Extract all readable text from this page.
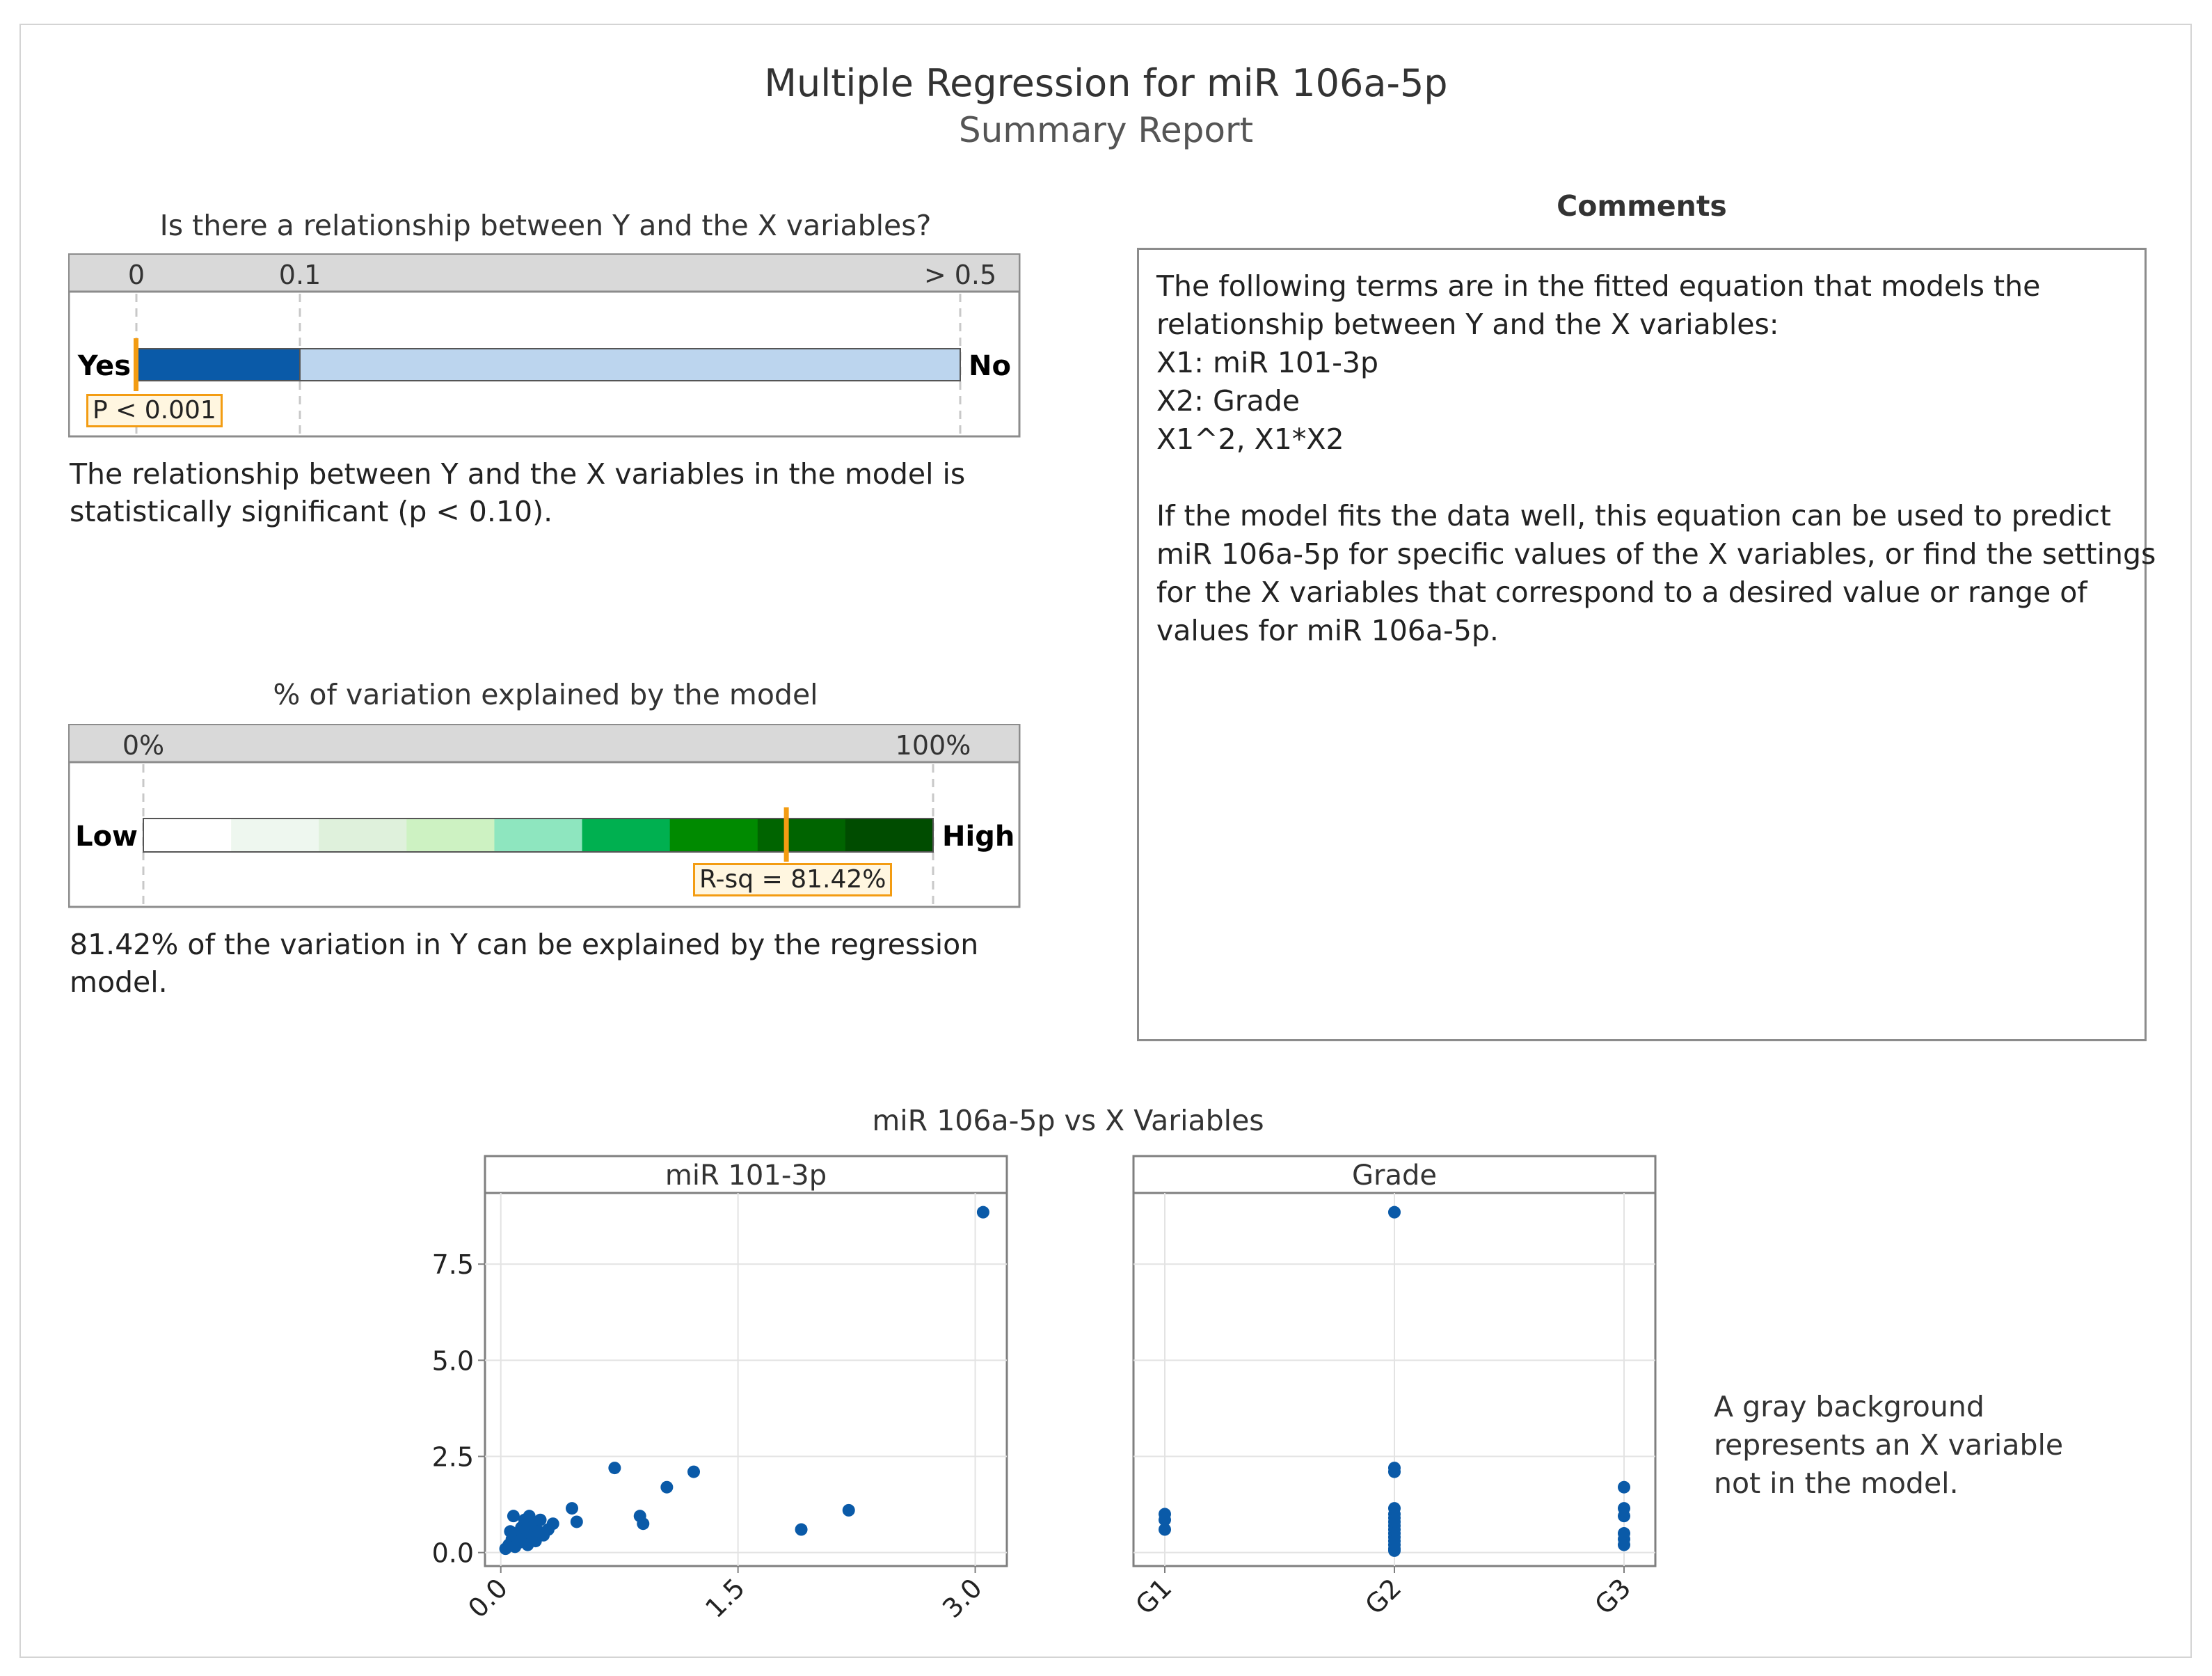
Multiple Regression for miR 106a-5p
Summary Report
Is there a relationship between Y and the X variables?
0	0.1	> 0.5
Yes	No
P < 0.001
The relationship between Y and the X variables in the model is
statistically significant (p < 0.10).
% of variation explained by the model
0%	100%
Low	High
R-sq = 81.42%
81.42% of the variation in Y can be explained by the regression
model.
Comments
The following terms are in the fitted equation that models the
relationship between Y and the X variables:
X1: miR 101-3p
X2: Grade
X1^2, X1*X2
If the model fits the data well, this equation can be used to predict
miR 106a-5p for specific values of the X variables, or find the settings
for the X variables that correspond to a desired value or range of
values for miR 106a-5p.
miR 106a-5p vs X Variables
miR 101-3p
0.0
2.5
5.0
7.5
0.0	1.5	3.0
Grade
G1	G2	G3
A gray background
represents an X variable
not in the model.
